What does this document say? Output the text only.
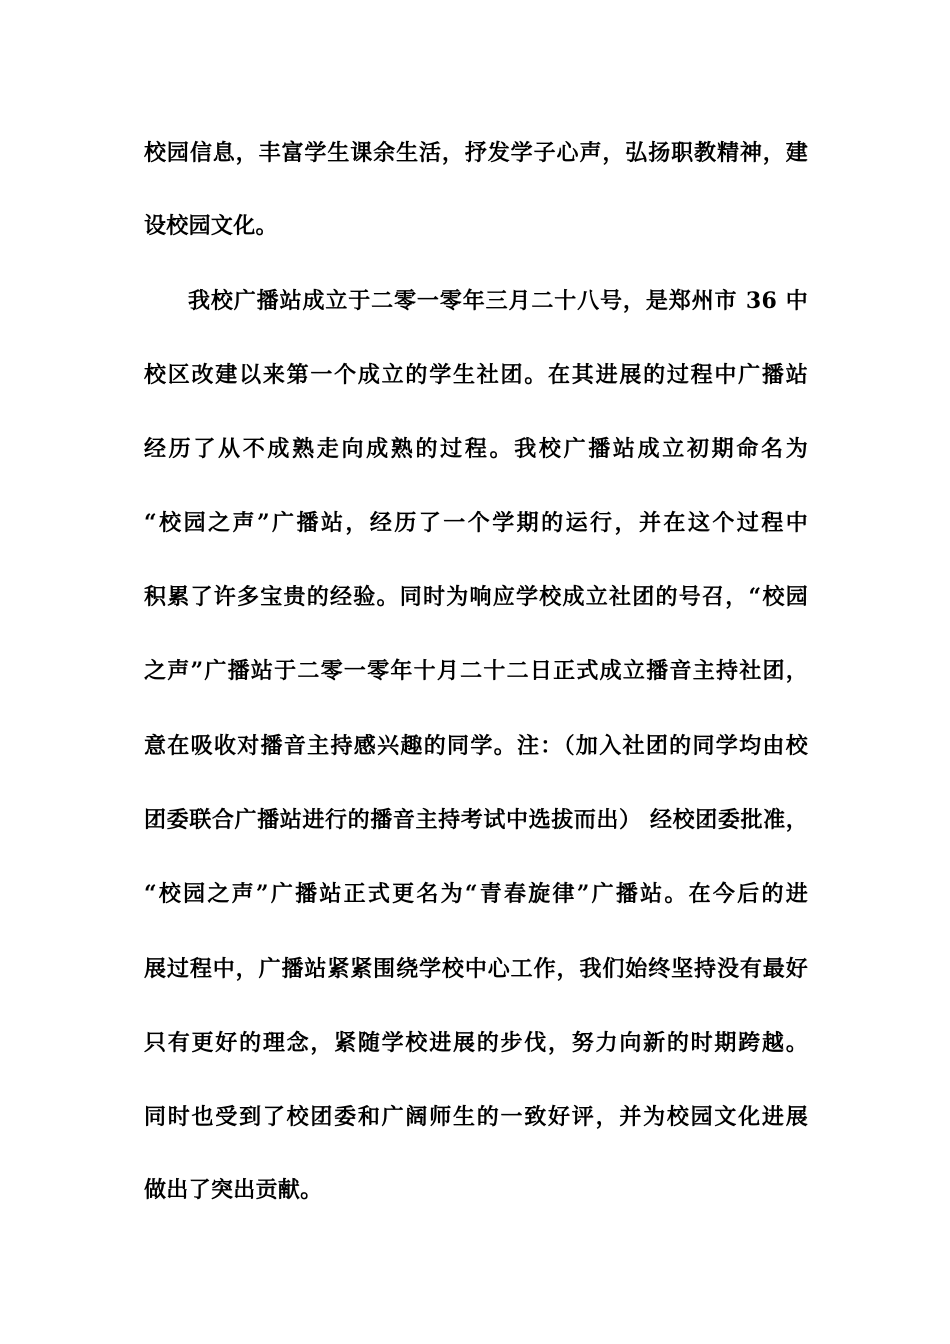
校园信息，丰富学生课余生活，抒发学子心声，弘扬职教精神，建
设校园文化。
我校广播站成立于二零一零年三月二十八号，是郑州市 36 中
校区改建以来第一个成立的学生社团。在其进展的过程中广播站
经历了从不成熟走向成熟的过程。我校广播站成立初期命名为
“校园之声”广播站，经历了一个学期的运行，并在这个过程中
积累了许多宝贵的经验。同时为响应学校成立社团的号召，“校园
之声”广播站于二零一零年十月二十二日正式成立播音主持社团，
意在吸收对播音主持感兴趣的同学。注：（加入社团的同学均由校
团委联合广播站进行的播音主持考试中选拔而出） 经校团委批准，
“校园之声”广播站正式更名为“青春旋律”广播站。在今后的进
展过程中，广播站紧紧围绕学校中心工作，我们始终坚持没有最好
只有更好的理念，紧随学校进展的步伐，努力向新的时期跨越。
同时也受到了校团委和广阔师生的一致好评，并为校园文化进展
做出了突出贡献。
